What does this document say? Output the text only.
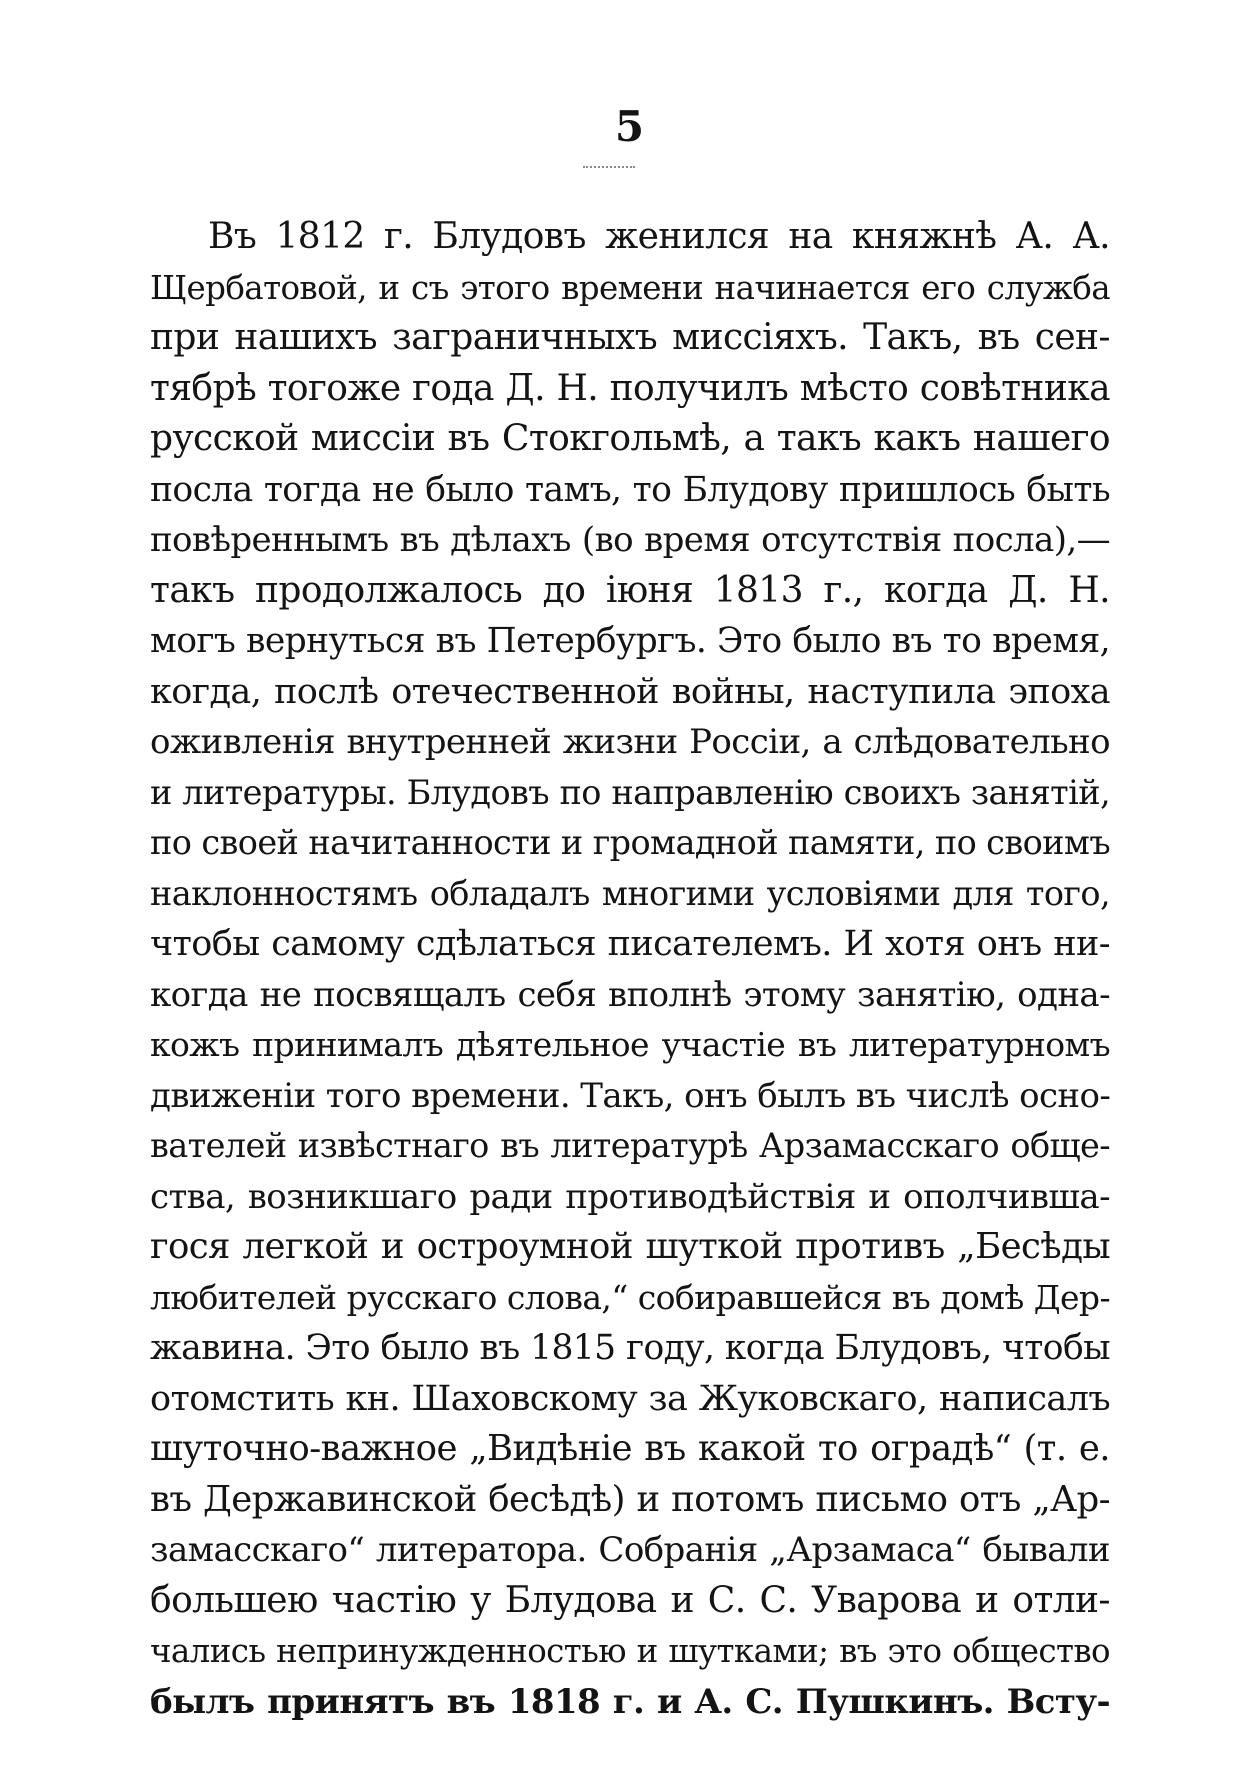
5
Въ 1812 г. Блудовъ женился на княжнѣ А. А.
Щербатовой, и съ этого времени начинается его служба
при нашихъ заграничныхъ миссіяхъ. Такъ, въ сен-
тябрѣ тогоже года Д. Н. получилъ мѣсто совѣтника
русской миссіи въ Стокгольмѣ, а такъ какъ нашего
посла тогда не было тамъ, то Блудову пришлось быть
повѣреннымъ въ дѣлахъ (во время отсутствія посла),—
такъ продолжалось до іюня 1813 г., когда Д. Н.
могъ вернуться въ Петербургъ. Это было въ то время,
когда, послѣ отечественной войны, наступила эпоха
оживленія внутренней жизни Россіи, а слѣдовательно
и литературы. Блудовъ по направленію своихъ занятій,
по своей начитанности и громадной памяти, по своимъ
наклонностямъ обладалъ многими условіями для того,
чтобы самому сдѣлаться писателемъ. И хотя онъ ни-
когда не посвящалъ себя вполнѣ этому занятію, одна-
кожъ принималъ дѣятельное участіе въ литературномъ
движеніи того времени. Такъ, онъ былъ въ числѣ осно-
вателей извѣстнаго въ литературѣ Арзамасскаго обще-
ства, возникшаго ради противодѣйствія и ополчивша-
гося легкой и остроумной шуткой противъ „Бесѣды
любителей русскаго слова,“ собиравшейся въ домѣ Дер-
жавина. Это было въ 1815 году, когда Блудовъ, чтобы
отомстить кн. Шаховскому за Жуковскаго, написалъ
шуточно-важное „Видѣніе въ какой то оградѣ“ (т. е.
въ Державинской бесѣдѣ) и потомъ письмо отъ „Ар-
замасскаго“ литератора. Собранія „Арзамаса“ бывали
большею частію у Блудова и С. С. Уварова и отли-
чались непринужденностью и шутками; въ это общество
былъ принятъ въ 1818 г. и А. С. Пушкинъ. Всту-
